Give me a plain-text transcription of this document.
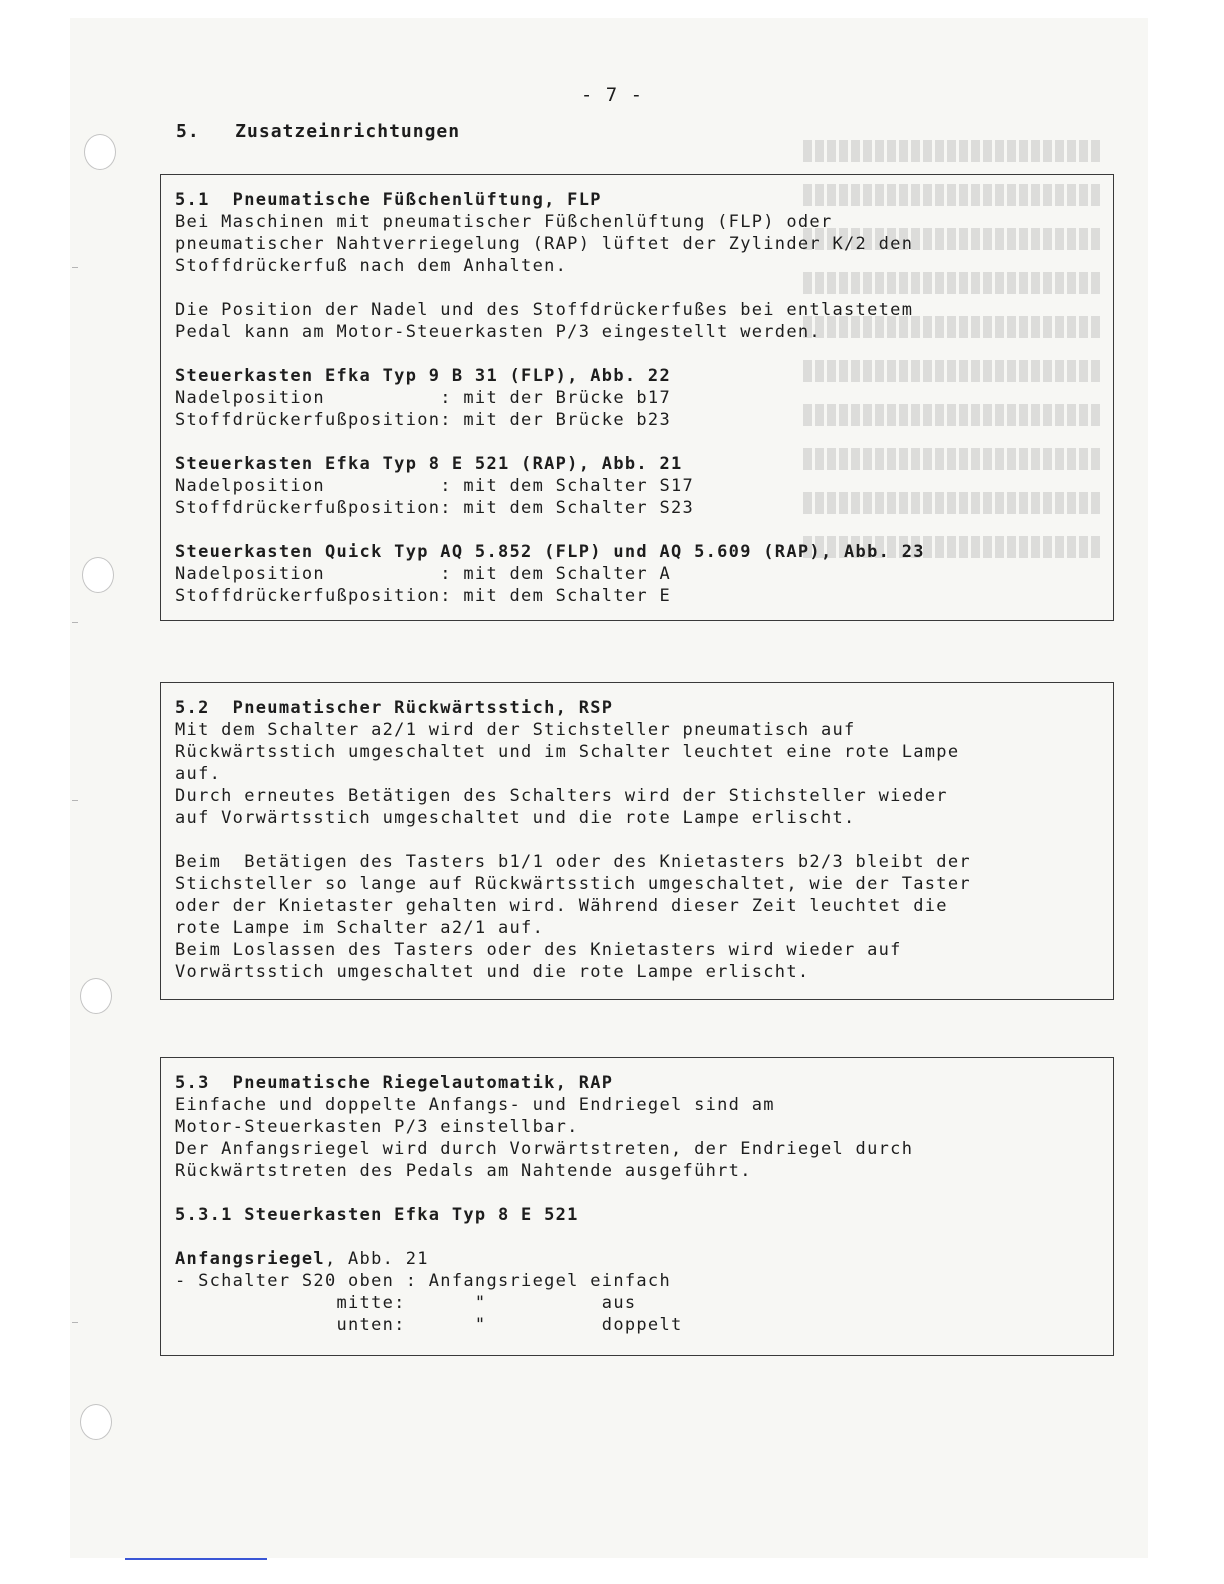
- 7 -
5.   Zusatzeinrichtungen
5.1  Pneumatische Füßchenlüftung, FLP
Bei Maschinen mit pneumatischer Füßchenlüftung (FLP) oder
pneumatischer Nahtverriegelung (RAP) lüftet der Zylinder K/2 den
Stoffdrückerfuß nach dem Anhalten.
Die Position der Nadel und des Stoffdrückerfußes bei entlastetem
Pedal kann am Motor-Steuerkasten P/3 eingestellt werden.
Steuerkasten Efka Typ 9 B 31 (FLP), Abb. 22
Nadelposition          : mit der Brücke b17
Stoffdrückerfußposition: mit der Brücke b23
Steuerkasten Efka Typ 8 E 521 (RAP), Abb. 21
Nadelposition          : mit dem Schalter S17
Stoffdrückerfußposition: mit dem Schalter S23
Steuerkasten Quick Typ AQ 5.852 (FLP) und AQ 5.609 (RAP), Abb. 23
Nadelposition          : mit dem Schalter A
Stoffdrückerfußposition: mit dem Schalter E
5.2  Pneumatischer Rückwärtsstich, RSP
Mit dem Schalter a2/1 wird der Stichsteller pneumatisch auf
Rückwärtsstich umgeschaltet und im Schalter leuchtet eine rote Lampe
auf.
Durch erneutes Betätigen des Schalters wird der Stichsteller wieder
auf Vorwärtsstich umgeschaltet und die rote Lampe erlischt.
Beim  Betätigen des Tasters b1/1 oder des Knietasters b2/3 bleibt der
Stichsteller so lange auf Rückwärtsstich umgeschaltet, wie der Taster
oder der Knietaster gehalten wird. Während dieser Zeit leuchtet die
rote Lampe im Schalter a2/1 auf.
Beim Loslassen des Tasters oder des Knietasters wird wieder auf
Vorwärtsstich umgeschaltet und die rote Lampe erlischt.
5.3  Pneumatische Riegelautomatik, RAP
Einfache und doppelte Anfangs- und Endriegel sind am
Motor-Steuerkasten P/3 einstellbar.
Der Anfangsriegel wird durch Vorwärtstreten, der Endriegel durch
Rückwärtstreten des Pedals am Nahtende ausgeführt.
5.3.1 Steuerkasten Efka Typ 8 E 521
Anfangsriegel, Abb. 21
- Schalter S20 oben : Anfangsriegel einfach
mitte:      "          aus
unten:      "          doppelt
